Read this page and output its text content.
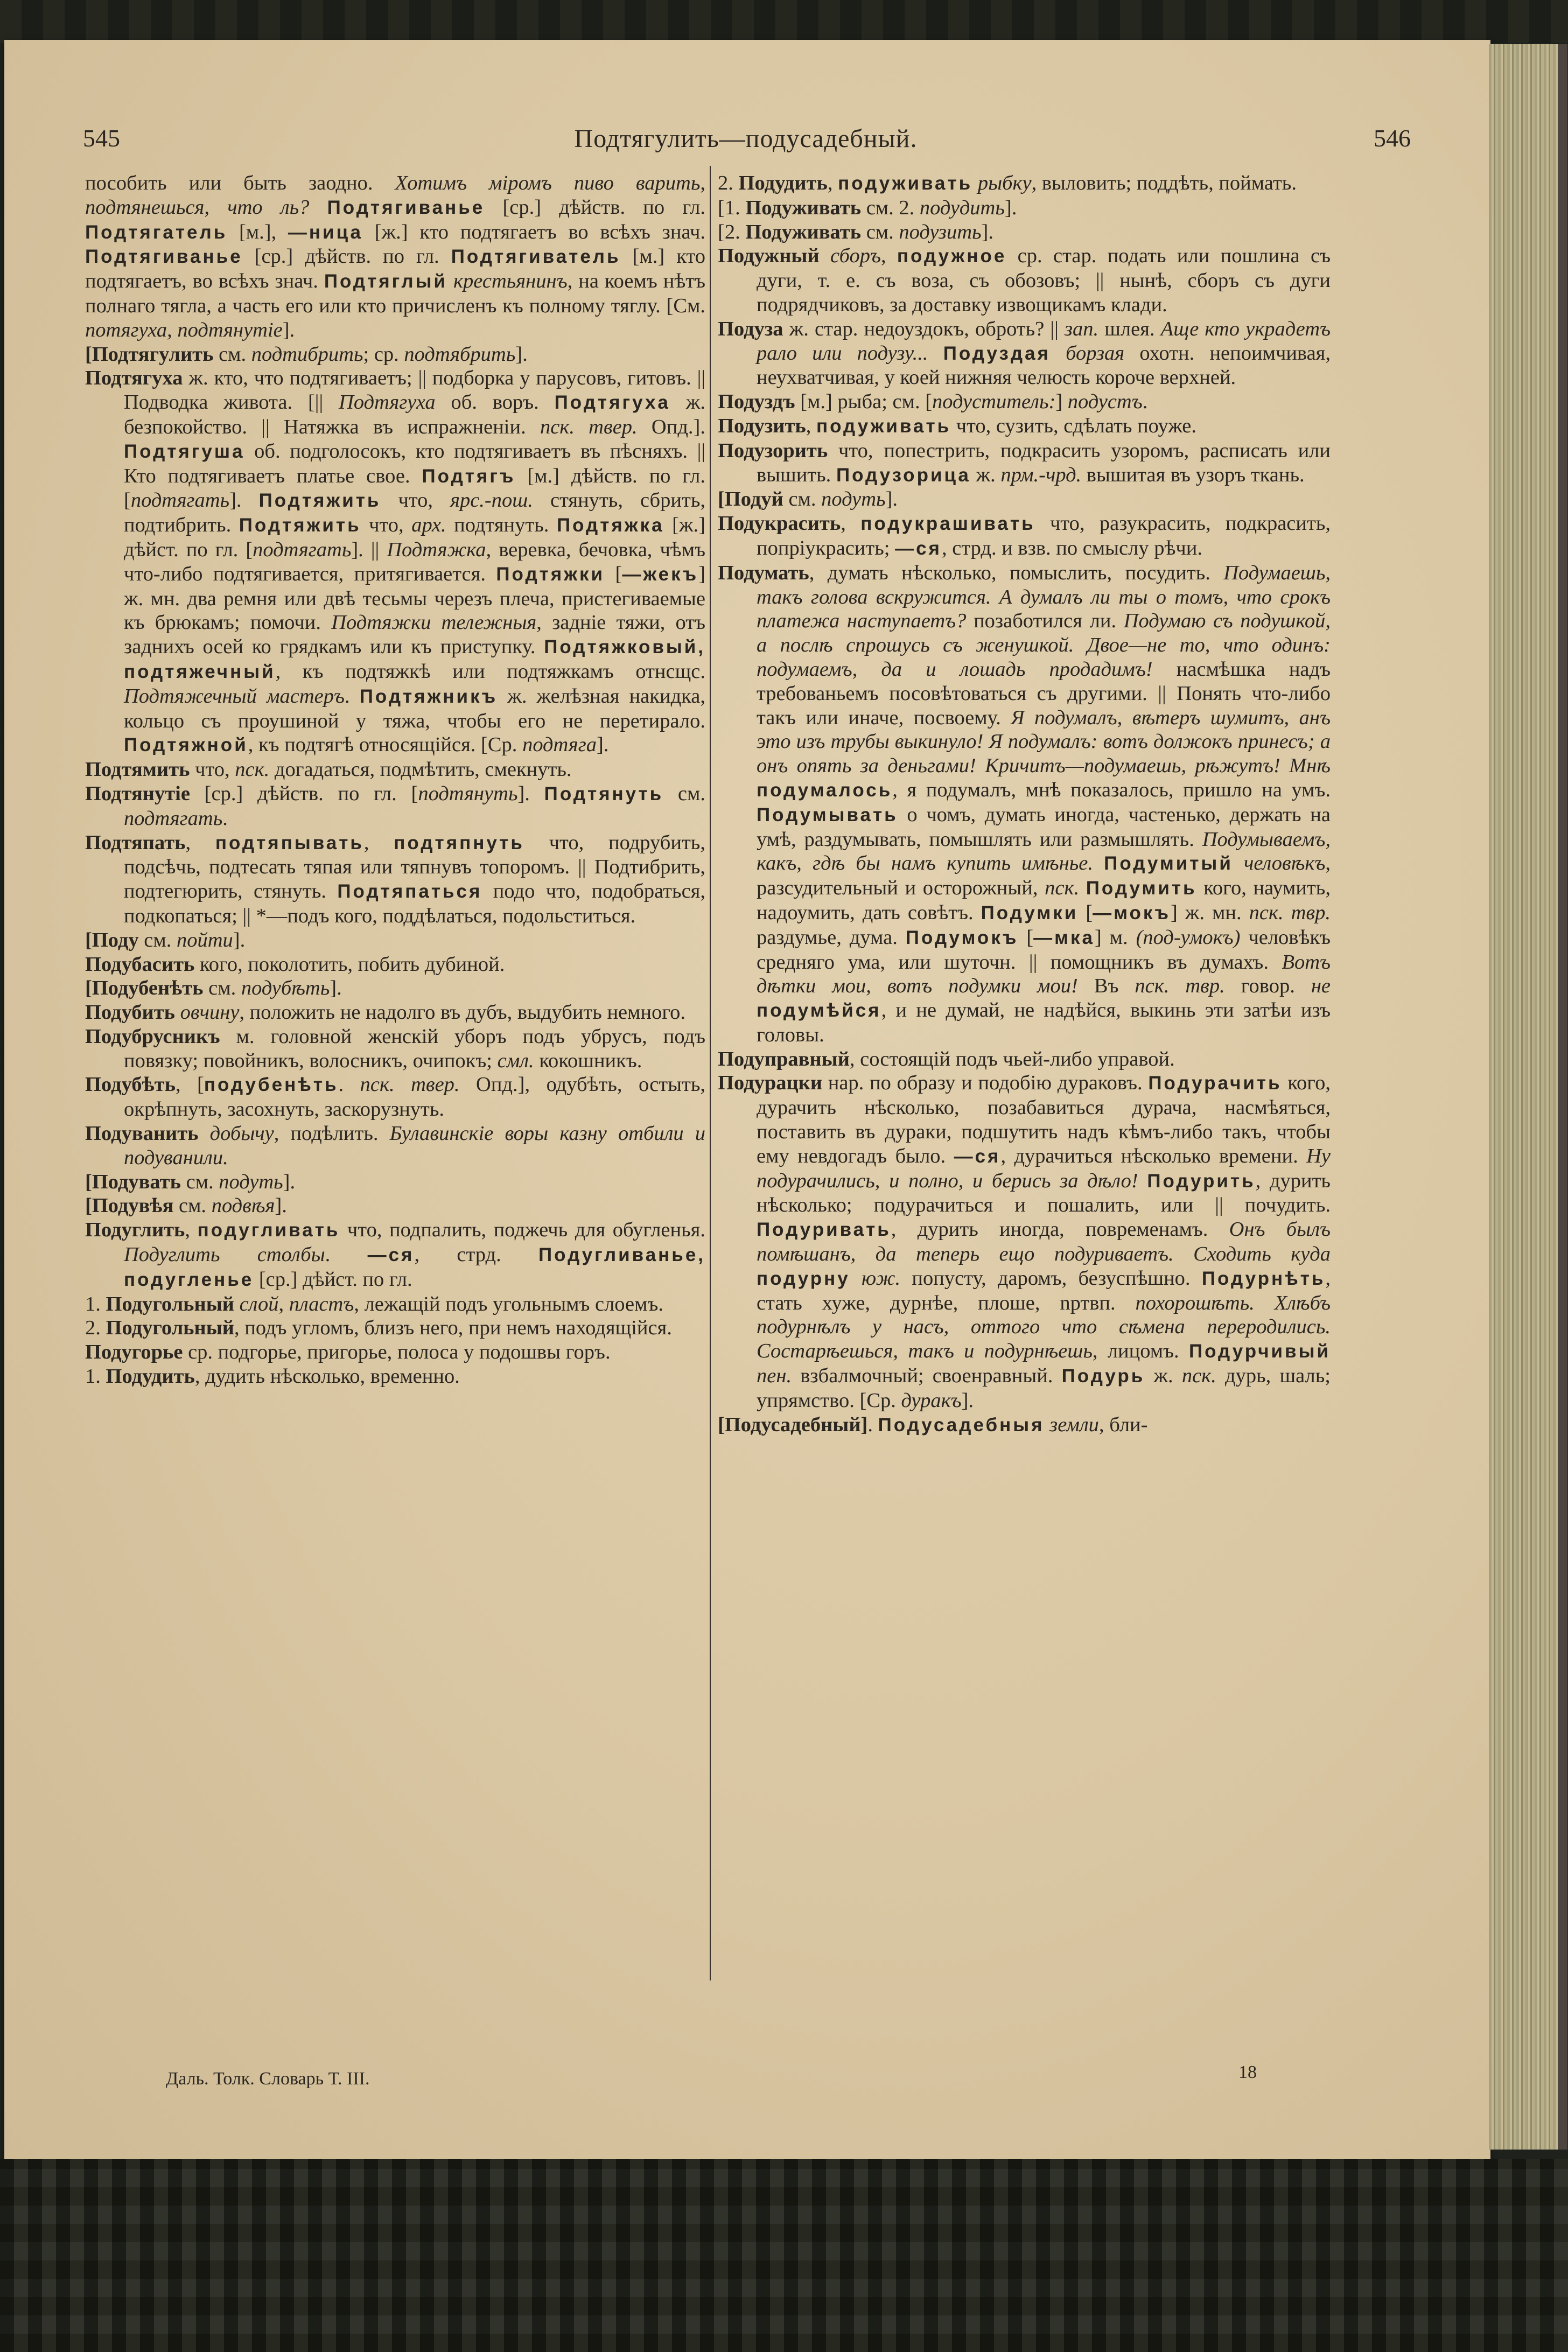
545	Подтягулить—подусадебный.	546

пособить или быть заодно. Хотимъ міромъ пиво варить, подтянешься, что ль? Подтягиванье [ср.] дѣйств. по гл. Подтягатель [м.], —ница [ж.] кто подтягаетъ во всѣхъ знач. Подтягиванье [ср.] дѣйств. по гл. Подтягиватель [м.] кто подтягаетъ, во всѣхъ знач. Подтяглый крестьянинъ, на коемъ нѣтъ полнаго тягла, а часть его или кто причисленъ къ полному тяглу. [См. потягуха, подтянутіе].

[Подтягулить см. подтибрить; ср. подтябрить].

Подтягуха ж. кто, что подтягиваетъ; || подборка у парусовъ, гитовъ. || Подводка живота. [|| Подтягуха об. воръ. Подтягуха ж. безпокойство. || Натяжка въ испражненіи. пск. твер. Опд.]. Подтягуша об. подголосокъ, кто подтягиваетъ въ пѣсняхъ. || Кто подтягиваетъ платье свое. Подтягъ [м.] дѣйств. по гл. [подтягать]. Подтяжить что, ярс.-пош. стянуть, сбрить, подтибрить. Подтяжить что, арх. подтянуть. Подтяжка [ж.] дѣйст. по гл. [подтягать]. || Подтяжка, веревка, бечовка, чѣмъ что-либо подтягивается, притягивается. Подтяжки [—жекъ] ж. мн. два ремня или двѣ тесьмы черезъ плеча, пристегиваемые къ брюкамъ; помочи. Подтяжки тележныя, задніе тяжи, отъ заднихъ осей ко грядкамъ или къ приступку. Подтяжковый, подтяжечный, къ подтяжкѣ или подтяжкамъ отнсщс. Подтяжечный мастеръ. Подтяжникъ ж. желѣзная накидка, кольцо съ проушиной у тяжа, чтобы его не перетирало. Подтяжной, къ подтягѣ относящійся. [Ср. подтяга].

Подтямить что, пск. догадаться, подмѣтить, смекнуть.

Подтянутіе [ср.] дѣйств. по гл. [подтянуть]. Подтянуть см. подтягать.

Подтяпать, подтяпывать, подтяпнуть что, подрубить, подсѣчь, подтесать тяпая или тяпнувъ топоромъ. || Подтибрить, подтегюрить, стянуть. Подтяпаться подо что, подобраться, подкопаться; || *—подъ кого, поддѣлаться, подольститься.

[Поду см. пойти].

Подубасить кого, поколотить, побить дубиной.

[Подубенѣть см. подубѣть].

Подубить овчину, положить не надолго въ дубъ, выдубить немного.

Подубрусникъ м. головной женскій уборъ подъ убрусъ, подъ повязку; повойникъ, волосникъ, очипокъ; смл. кокошникъ.

Подубѣть, [подубенѣть. пск. твер. Опд.], одубѣть, остыть, окрѣпнуть, засохнуть, заскорузнуть.

Подуванить добычу, подѣлить. Булавинскіе воры казну отбили и подуванили.

[Подувать см. подуть].

[Подувѣя см. подвѣя].

Подуглить, подугливать что, подпалить, поджечь для обугленья. Подуглить столбы. —ся, стрд. Подугливанье, подугленье [ср.] дѣйст. по гл.

1. Подугольный слой, пластъ, лежащій подъ угольнымъ слоемъ.

2. Подугольный, подъ угломъ, близъ него, при немъ находящійся.

Подугорье ср. подгорье, пригорье, полоса у подошвы горъ.

1. Подудить, дудить нѣсколько, временно.

2. Подудить, подуживать рыбку, выловить; поддѣть, поймать.

[1. Подуживать см. 2. подудить].

[2. Подуживать см. подузить].

Подужный сборъ, подужное ср. стар. подать или пошлина съ дуги, т. е. съ воза, съ обозовъ; || нынѣ, сборъ съ дуги подрядчиковъ, за доставку извощикамъ клади.

Подуза ж. стар. недоуздокъ, оброть? || зап. шлея. Аще кто украдетъ рало или подузу... Подуздая борзая охотн. непоимчивая, неухватчивая, у коей нижняя челюсть короче верхней.

Подуздъ [м.] рыба; см. [подуститель:] подустъ.

Подузить, подуживать что, сузить, сдѣлать поуже.

Подузорить что, попестрить, подкрасить узоромъ, расписать или вышить. Подузорица ж. прм.-чрд. вышитая въ узоръ ткань.

[Подуй см. подуть].

Подукрасить, подукрашивать что, разукрасить, подкрасить, попріукрасить; —ся, стрд. и взв. по смыслу рѣчи.

Подумать, думать нѣсколько, помыслить, посудить. Подумаешь, такъ голова вскружится. А думалъ ли ты о томъ, что срокъ платежа наступаетъ? позаботился ли. Подумаю съ подушкой, а послѣ спрошусь съ женушкой. Двое—не то, что одинъ: подумаемъ, да и лошадь продадимъ! насмѣшка надъ требованьемъ посовѣтоваться съ другими. || Понять что-либо такъ или иначе, посвоему. Я подумалъ, вѣтеръ шумитъ, анъ это изъ трубы выкинуло! Я подумалъ: вотъ должокъ принесъ; а онъ опять за деньгами! Кричитъ—подумаешь, рѣжутъ! Мнѣ подумалось, я подумалъ, мнѣ показалось, пришло на умъ. Подумывать о чомъ, думать иногда, частенько, держать на умѣ, раздумывать, помышлять или размышлять. Подумываемъ, какъ, гдѣ бы намъ купить имѣнье. Подумитый человѣкъ, разсудительный и осторожный, пск. Подумить кого, наумить, надоумить, дать совѣтъ. Подумки [—мокъ] ж. мн. пск. твр. раздумье, дума. Подумокъ [—мка] м. (под-умокъ) человѣкъ средняго ума, или шуточн. || помощникъ въ думахъ. Вотъ дѣтки мои, вотъ подумки мои! Въ пск. твр. говор. не подумѣйся, и не думай, не надѣйся, выкинь эти затѣи изъ головы.

Подуправный, состоящій подъ чьей-либо управой.

Подурацки нар. по образу и подобію дураковъ. Подурачить кого, дурачить нѣсколько, позабавиться дурача, насмѣяться, поставить въ дураки, подшутить надъ кѣмъ-либо такъ, чтобы ему невдогадъ было. —ся, дурачиться нѣсколько времени. Ну подурачились, и полно, и берись за дѣло! Подурить, дурить нѣсколько; подурачиться и пошалить, или || почудить. Подуривать, дурить иногда, повременамъ. Онъ былъ помѣшанъ, да теперь ещо подуриваетъ. Сходить куда подурну юж. попусту, даромъ, безуспѣшно. Подурнѣть, стать хуже, дурнѣе, плоше, nртвп. похорошѣть. Хлѣбъ подурнѣлъ у насъ, оттого что сѣмена переродились. Состарѣешься, такъ и подурнѣешь, лицомъ. Подурчивый пен. взбалмочный; своенравный. Подурь ж. пск. дурь, шаль; упрямство. [Ср. дуракъ].

[Подусадебный]. Подусадебныя земли, бли-

Даль. Толк. Словарь Т. III.	18
